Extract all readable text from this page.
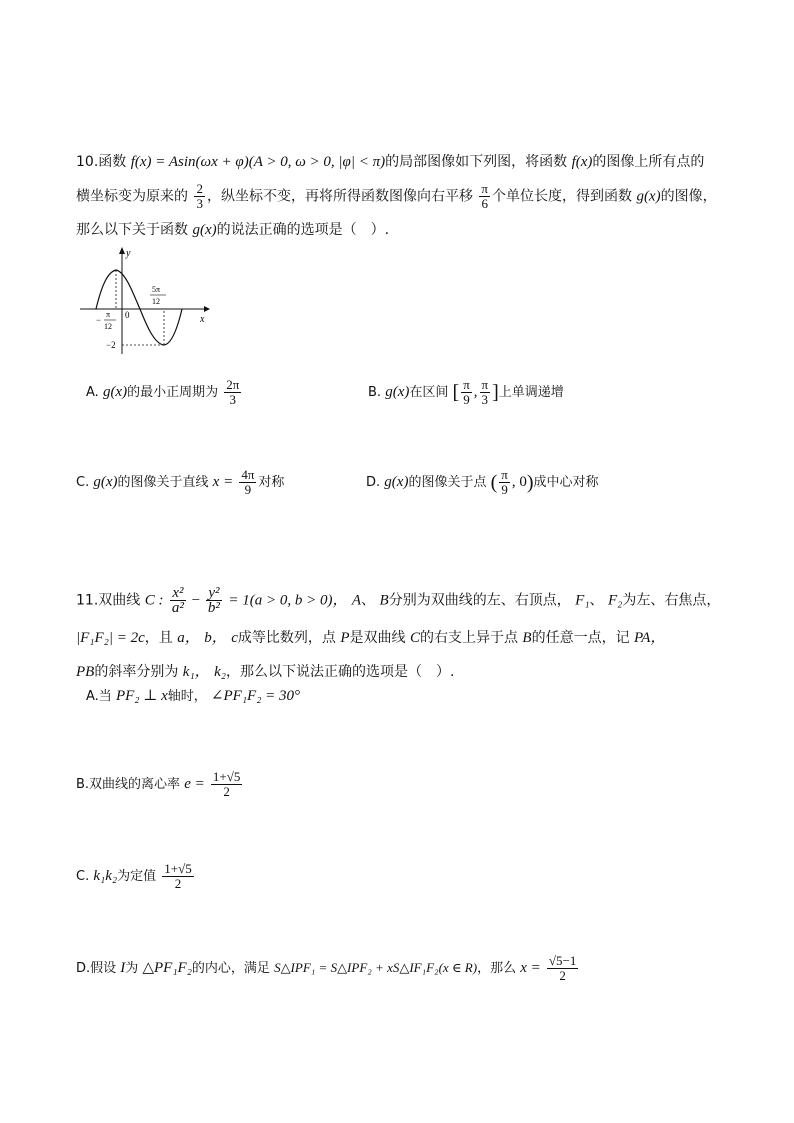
10.函数 f(x) = Asin(ωx + φ)(A > 0, ω > 0, |φ| < π)的局部图像如下列图，将函数 f(x)的图像上所有点的
横坐标变为原来的 $\frac{2}{3}$ ，纵坐标不变，再将所得函数图像向右平移 $\frac{\pi}{6}$ 个单位长度，得到函数 g(x)的图像，
那么以下关于函数 g(x)的说法正确的选项是（　）.
y
x
0
−
π
12
5π
12
−2
A. g(x)的最小正周期为 $\frac{2\pi}{3}$	B. g(x)在区间 [ $\frac{\pi}{9}$ , $\frac{\pi}{3}$ ]上单调递增
C. g(x)的图像关于直线 $x = \frac{4\pi}{9}$ 对称	D. g(x)的图像关于点 ( $\frac{\pi}{9}$ , 0)成中心对称
11.双曲线 C : $\frac{\text{x²}}{\text{a²}} - \frac{\text{y²}}{\text{b²}} = 1(a > 0$, b > 0)， A、 B分别为双曲线的左、右顶点， F₁、 F₂为左、右焦点，
|F₁F₂| = 2c，且 a， b， c成等比数列，点 P是双曲线 C的右支上异于点 B的任意一点，记 PA，
PB的斜率分别为 k₁， k₂，那么以下说法正确的选项是（　）.
A.当 PF₂ ⊥ x轴时， ∠PF₁F₂ = 30°
B.双曲线的离心率 $e = \frac{1+√5}{2}$
C. k₁k₂为定值 $\frac{1+√5}{2}$
D.假设 I为 △PF₁F₂的内心，满足 S△IPF₁ = S△IPF₂ + xS△IF₁F₂(x ∈ R)，那么 $x = \frac{√5-1}{2}$
